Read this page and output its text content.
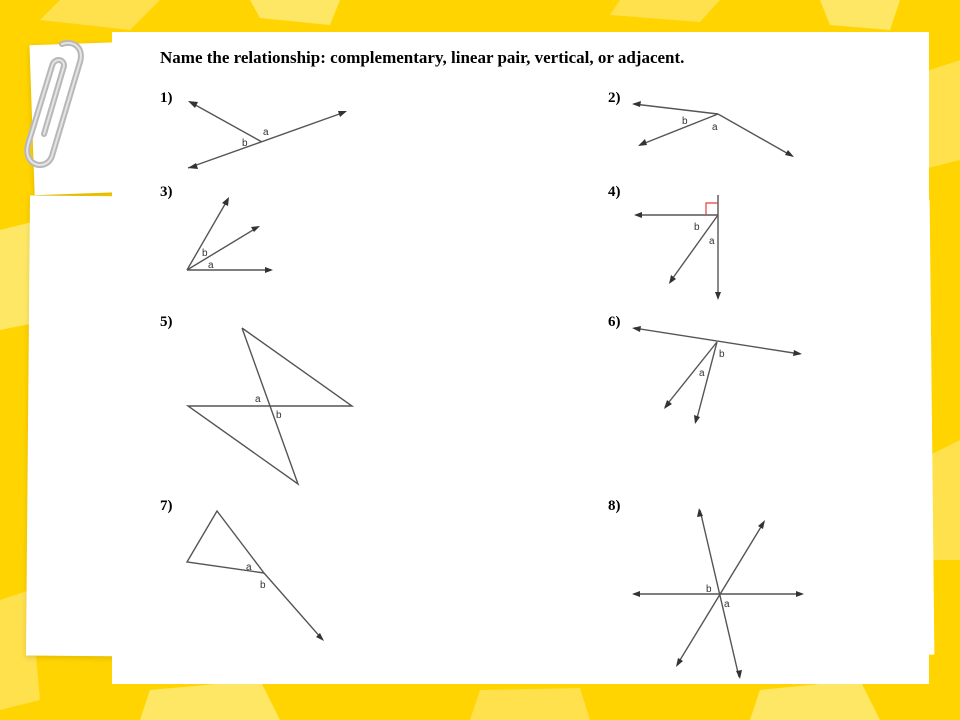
Name the relationship: complementary, linear pair, vertical, or adjacent.
1)	2)
3)	4)
5)	6)
7)	8)
a
b
b
a
b
a
b
a
a
b
b
a
a
b	b
a
